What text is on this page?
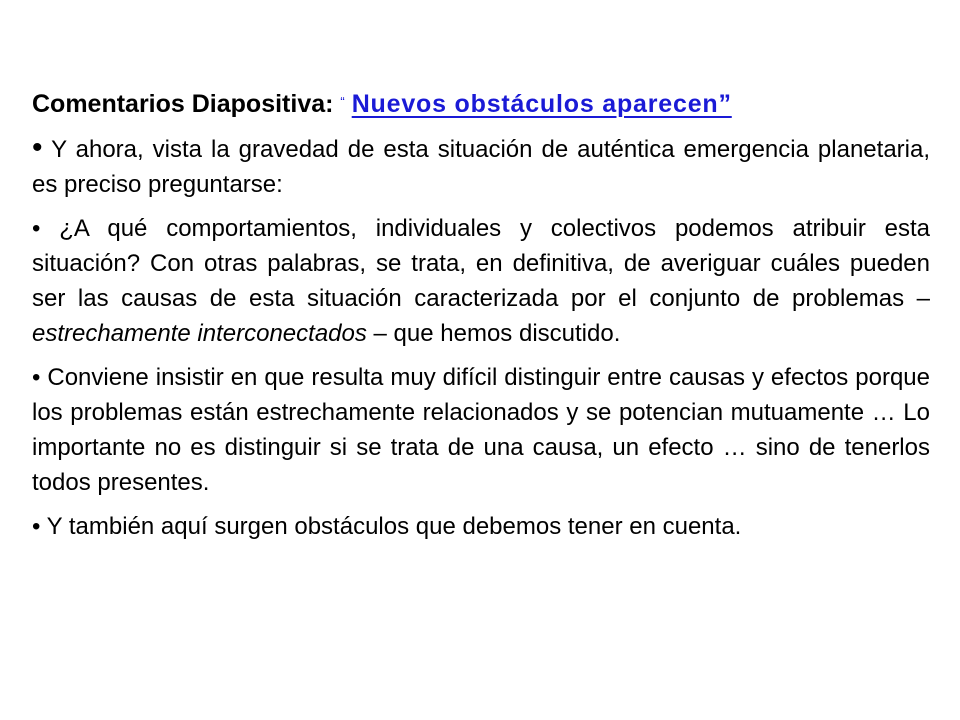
Comentarios Diapositiva: “ Nuevos obstáculos aparecen”

• Y ahora, vista la gravedad de esta situación de auténtica emergencia planetaria, es preciso preguntarse:

• ¿A qué comportamientos, individuales y colectivos podemos atribuir esta situación? Con otras palabras, se trata, en definitiva, de averiguar cuáles pueden ser las causas de esta situación caracterizada por el conjunto de problemas – estrechamente interconectados – que hemos discutido.

• Conviene insistir en que resulta muy difícil distinguir entre causas y efectos porque los problemas están estrechamente relacionados y se potencian mutuamente … Lo importante no es distinguir si se trata de una causa, un efecto … sino de tenerlos todos presentes.

• Y también aquí surgen obstáculos que debemos tener en cuenta.
